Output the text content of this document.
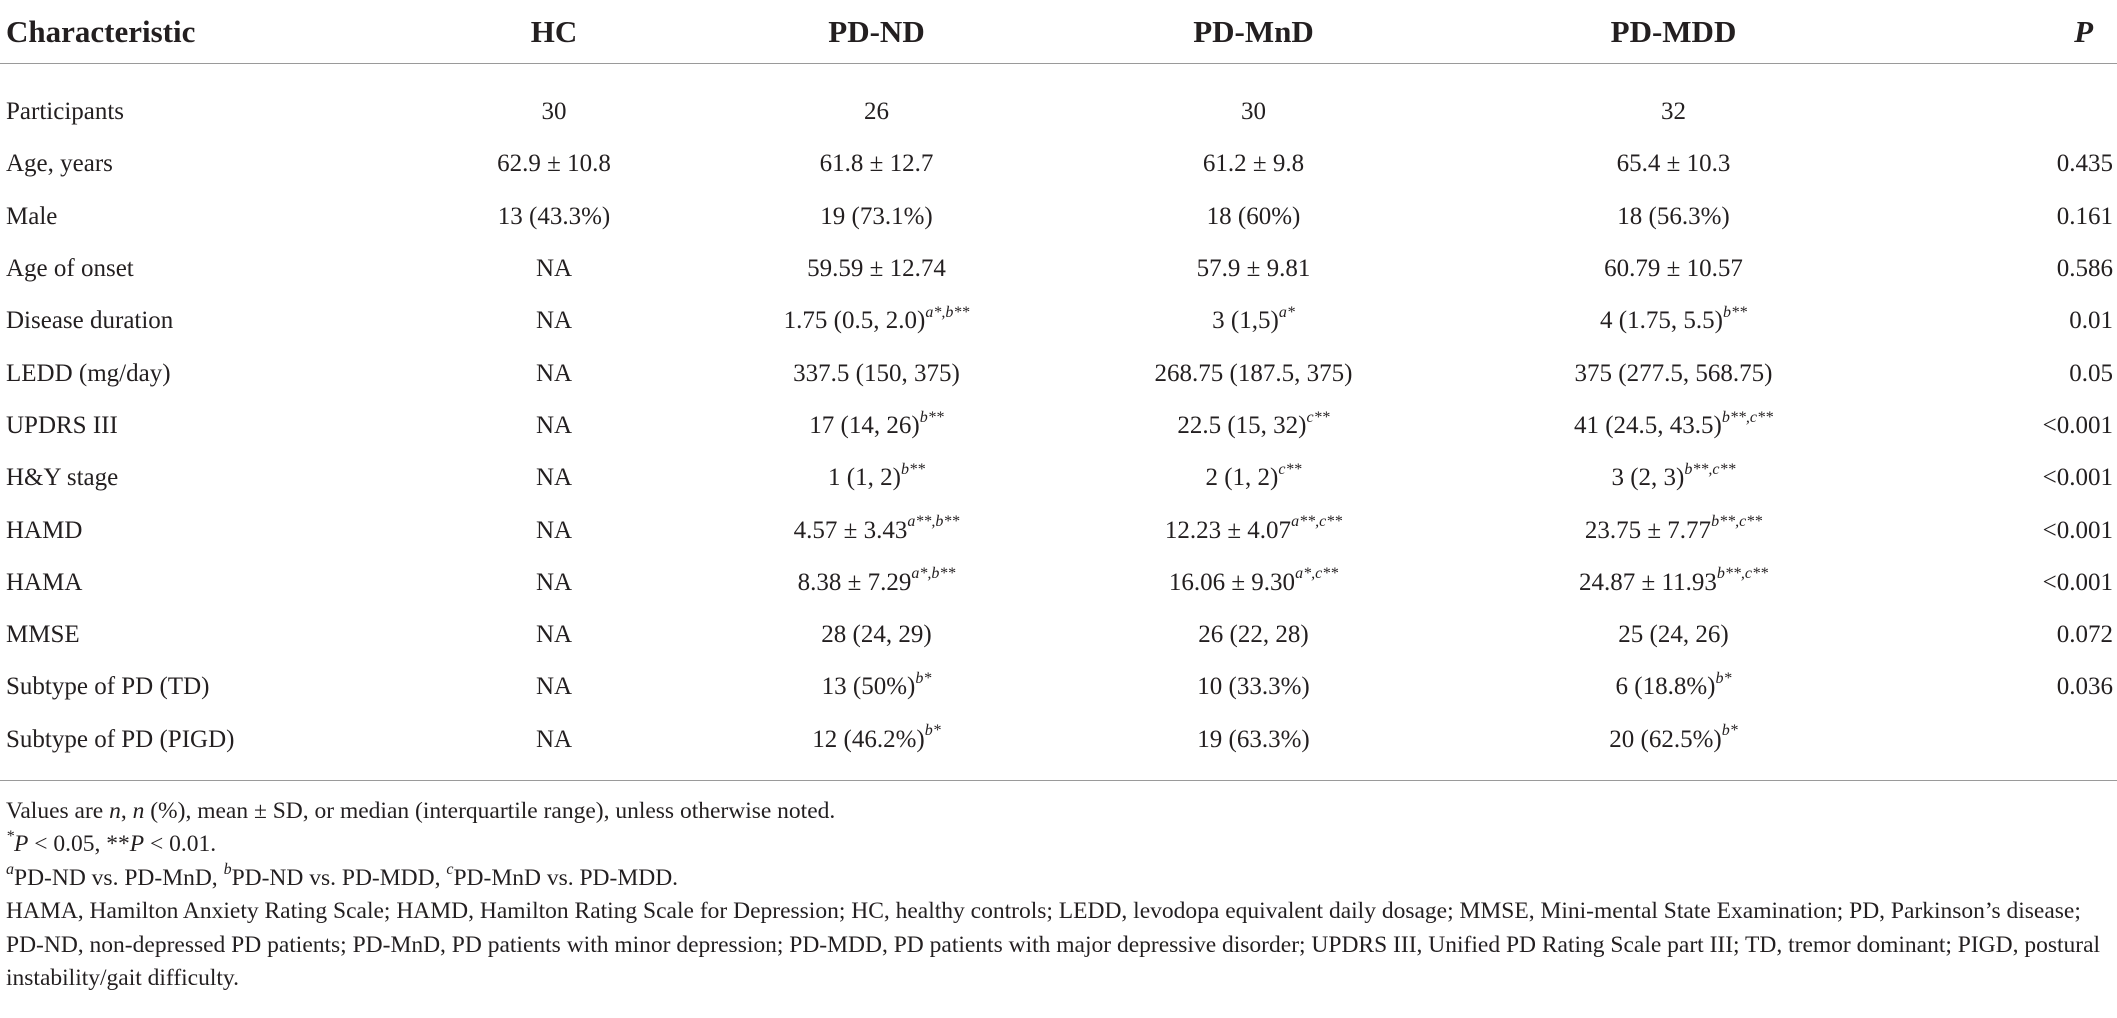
Characteristic	HC	PD-ND	PD-MnD	PD-MDD	P
Participants	30	26	30	32	
Age, years	62.9 ± 10.8	61.8 ± 12.7	61.2 ± 9.8	65.4 ± 10.3	0.435
Male	13 (43.3%)	19 (73.1%)	18 (60%)	18 (56.3%)	0.161
Age of onset	NA	59.59 ± 12.74	57.9 ± 9.81	60.79 ± 10.57	0.586
Disease duration	NA	1.75 (0.5, 2.0)$^{a*,b**}$	3 $(1,5)^{a*}$	4 (1.75, 5.5)$^{b**}$	0.01
LEDD (mg/day)	NA	337.5 (150, 375)	268.75 (187.5, 375)	375 (277.5, 568.75)	0.05
UPDRS III	NA	17 (14, 26)$^{b**}$	22.5 (15, 32)$^{c**}$	41 (24.5, 43.5)$^{b**,c**}$	<0.001
H&Y stage	NA	1 (1, 2)$^{b**}$	2 (1, 2)$^{c**}$	3 (2, 3)$^{b**,c**}$	<0.001
HAMD	NA	$4.57 \pm 3.43^{a**,b**}$	$12.23 \pm 4.07^{a**,c**}$	$23.75 \pm 7.77^{b**,c**}$	<0.001
HAMA	NA	$8.38 \pm 7.29^{a*,b**}$	$16.06 \pm 9.30^{a*,c**}$	$24.87 \pm 11.93^{b**,c**}$	<0.001
MMSE	NA	28 (24, 29)	26 (22, 28)	25 (24, 26)	0.072
Subtype of PD (TD)	NA	13 $(50\%)^{b*}$	10 (33.3%)	6 $(18.8\%)^{b*}$	0.036
Subtype of PD (PIGD)	NA	12 $(46.2\%)^{b*}$	19 (63.3%)	20 $(62.5\%)^{b*}$	

Values are n, n (%), mean ± SD, or median (interquartile range), unless otherwise noted.

*P < 0.05, **P < 0.01.

$^a$PD-ND vs. PD-MnD, $^b$PD-ND vs. PD-MDD, $^c$PD-MnD vs. PD-MDD.

HAMA, Hamilton Anxiety Rating Scale; HAMD, Hamilton Rating Scale for Depression; HC, healthy controls; LEDD, levodopa equivalent daily dosage; MMSE, Mini-mental State Examination; PD, Parkinson’s disease; PD-ND, non-depressed PD patients; PD-MnD, PD patients with minor depression; PD-MDD, PD patients with major depressive disorder; UPDRS III, Unified PD Rating Scale part III; TD, tremor dominant; PIGD, postural instability/gait difficulty.
